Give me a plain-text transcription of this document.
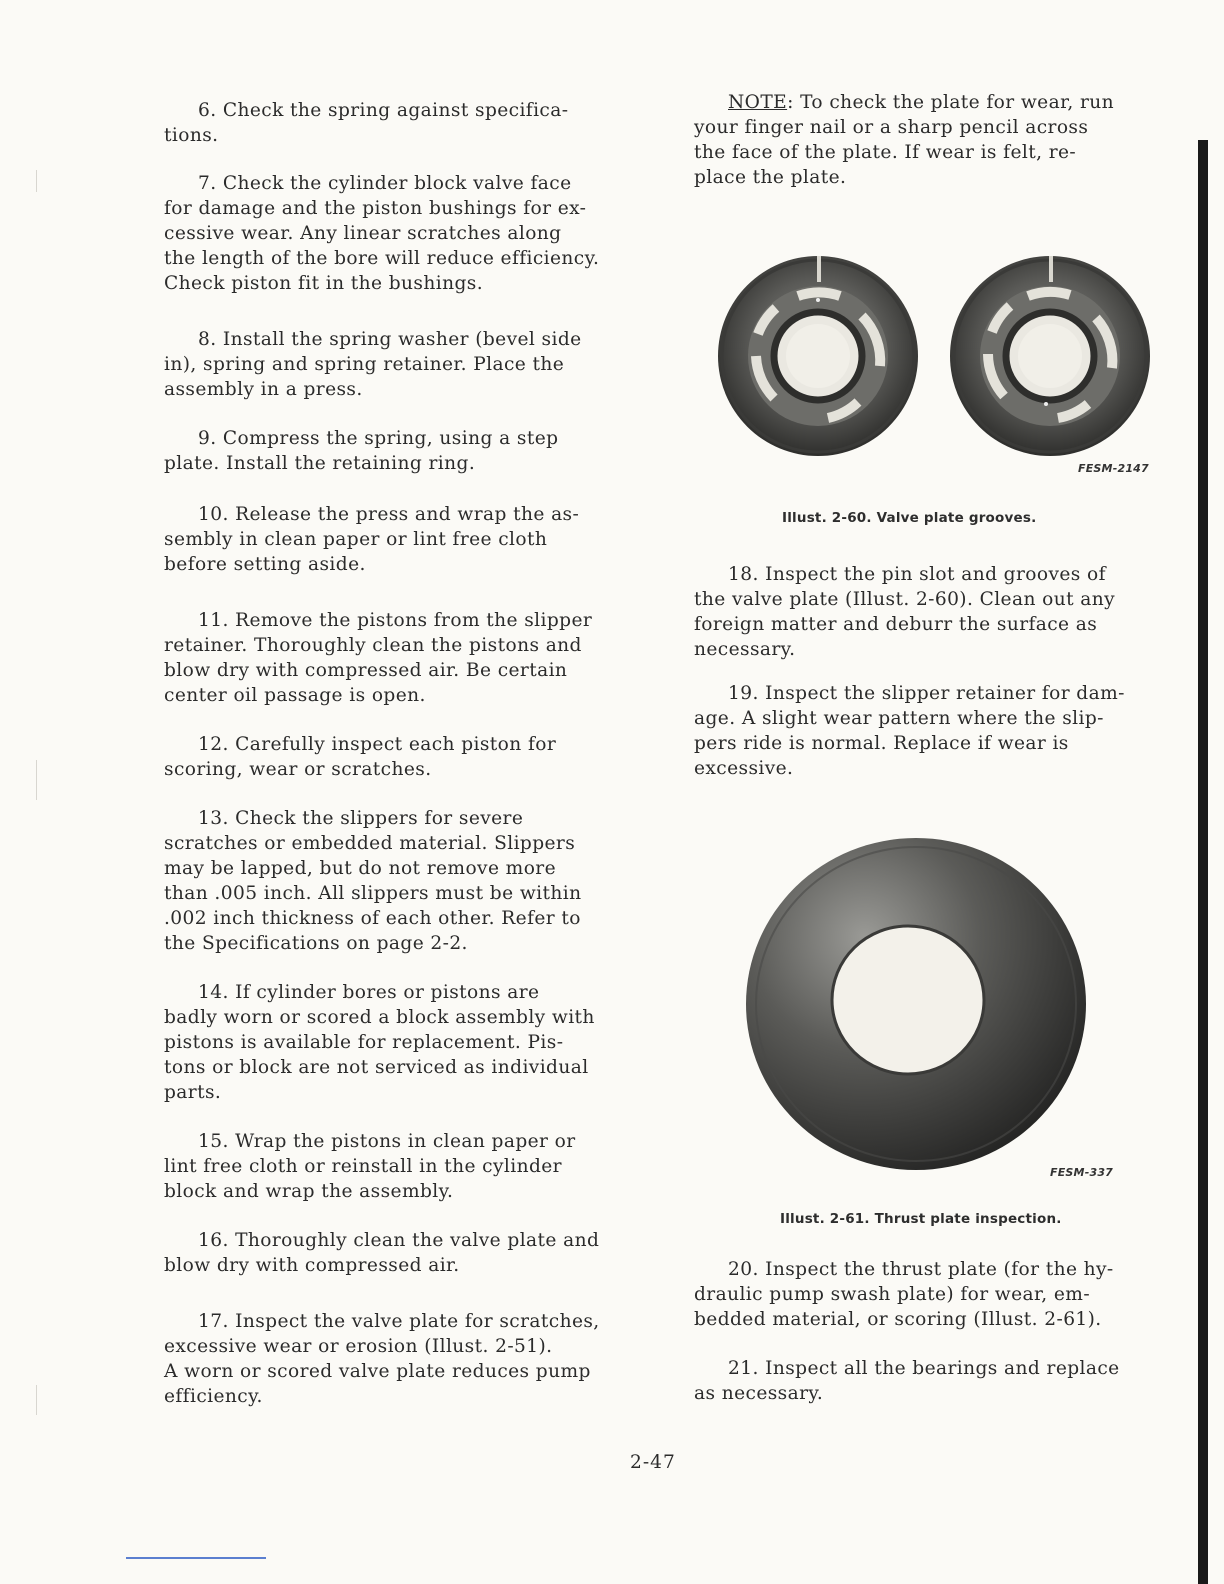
6. Check the spring against specifica-
tions.

7. Check the cylinder block valve face
for damage and the piston bushings for ex-
cessive wear. Any linear scratches along
the length of the bore will reduce efficiency.
Check piston fit in the bushings.

8. Install the spring washer (bevel side
in), spring and spring retainer. Place the
assembly in a press.

9. Compress the spring, using a step
plate. Install the retaining ring.

10. Release the press and wrap the as-
sembly in clean paper or lint free cloth
before setting aside.

11. Remove the pistons from the slipper
retainer. Thoroughly clean the pistons and
blow dry with compressed air. Be certain
center oil passage is open.

12. Carefully inspect each piston for
scoring, wear or scratches.

13. Check the slippers for severe
scratches or embedded material. Slippers
may be lapped, but do not remove more
than .005 inch. All slippers must be within
.002 inch thickness of each other. Refer to
the Specifications on page 2-2.

14. If cylinder bores or pistons are
badly worn or scored a block assembly with
pistons is available for replacement. Pis-
tons or block are not serviced as individual
parts.

15. Wrap the pistons in clean paper or
lint free cloth or reinstall in the cylinder
block and wrap the assembly.

16. Thoroughly clean the valve plate and
blow dry with compressed air.

17. Inspect the valve plate for scratches,
excessive wear or erosion (Illust. 2-51).
A worn or scored valve plate reduces pump
efficiency.

NOTE: To check the plate for wear, run
your finger nail or a sharp pencil across
the face of the plate. If wear is felt, re-
place the plate.

FESM-2147
Illust. 2-60. Valve plate grooves.

18. Inspect the pin slot and grooves of
the valve plate (Illust. 2-60). Clean out any
foreign matter and deburr the surface as
necessary.

19. Inspect the slipper retainer for dam-
age. A slight wear pattern where the slip-
pers ride is normal. Replace if wear is
excessive.

FESM-337
Illust. 2-61. Thrust plate inspection.

20. Inspect the thrust plate (for the hy-
draulic pump swash plate) for wear, em-
bedded material, or scoring (Illust. 2-61).

21. Inspect all the bearings and replace
as necessary.

2-47
